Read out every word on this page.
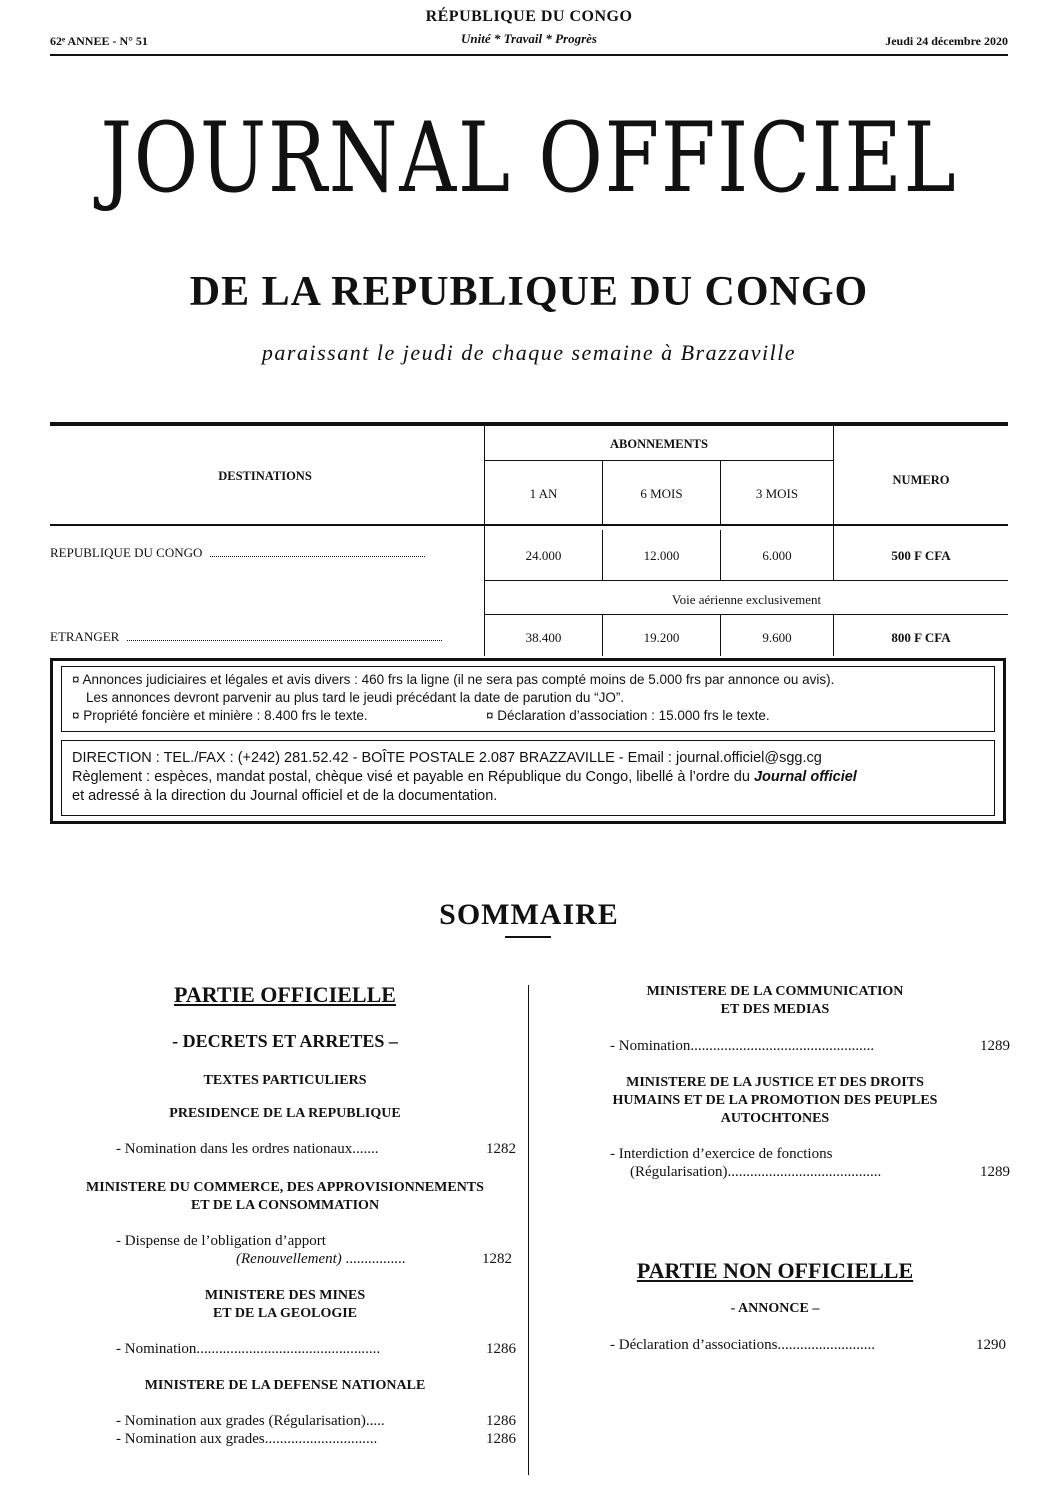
RÉPUBLIQUE DU CONGO
Unité * Travail * Progrès
62ᵉ ANNEE - N° 51	Jeudi 24 décembre 2020
JOURNAL OFFICIEL
DE LA REPUBLIQUE DU CONGO
paraissant le jeudi de chaque semaine à Brazzaville
DESTINATIONS
ABONNEMENTS
NUMERO
1 AN	6 MOIS	3 MOIS
REPUBLIQUE DU CONGO	24.000	12.000	6.000	500 F CFA
Voie aérienne exclusivement
ETRANGER	38.400	19.200	9.600	800 F CFA
¤ Annonces judiciaires et légales et avis divers : 460 frs la ligne (il ne sera pas compté moins de 5.000 frs par annonce ou avis).
Les annonces devront parvenir au plus tard le jeudi précédant la date de parution du “JO”.
¤ Propriété foncière et minière : 8.400 frs le texte.	¤ Déclaration d’association : 15.000 frs le texte.
DIRECTION : TEL./FAX : (+242) 281.52.42 - BOÎTE POSTALE 2.087 BRAZZAVILLE - Email : journal.officiel@sgg.cg
Règlement : espèces, mandat postal, chèque visé et payable en République du Congo, libellé à l’ordre du Journal officiel
et adressé à la direction du Journal officiel et de la documentation.
SOMMAIRE
PARTIE OFFICIELLE
- DECRETS ET ARRETES –
TEXTES PARTICULIERS
PRESIDENCE DE LA REPUBLIQUE
- Nomination dans les ordres nationaux.......	1282
MINISTERE DU COMMERCE, DES APPROVISIONNEMENTS
ET DE LA CONSOMMATION
- Dispense de l’obligation d’apport
(Renouvellement) ................	1282
MINISTERE DES MINES
ET DE LA GEOLOGIE
- Nomination.................................................	1286
MINISTERE DE LA DEFENSE NATIONALE
- Nomination aux grades (Régularisation).....	1286
- Nomination aux grades..............................	1286
MINISTERE DE LA COMMUNICATION
ET DES MEDIAS
- Nomination.................................................	1289
MINISTERE DE LA JUSTICE ET DES DROITS
HUMAINS ET DE LA PROMOTION DES PEUPLES
AUTOCHTONES
- Interdiction d’exercice de fonctions
(Régularisation).........................................	1289
PARTIE NON OFFICIELLE
- ANNONCE –
- Déclaration d’associations..........................	1290
